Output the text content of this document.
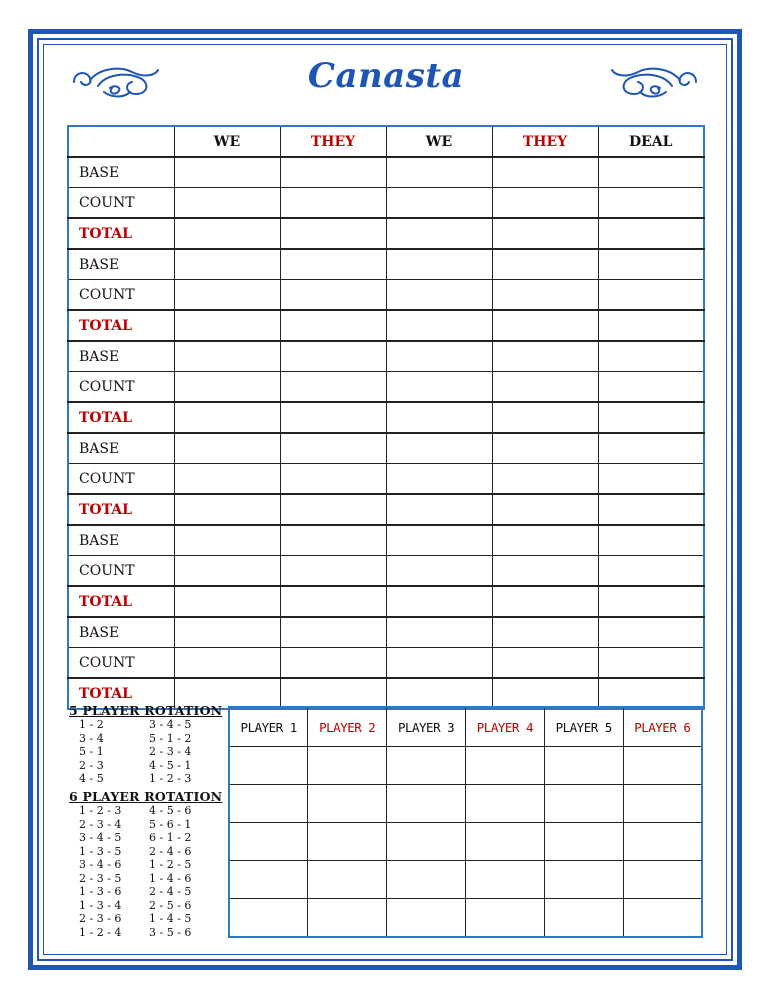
Canasta
	WE	THEY	WE	THEY	DEAL
BASE					
COUNT					
TOTAL					
BASE					
COUNT					
TOTAL					
BASE					
COUNT					
TOTAL					
BASE					
COUNT					
TOTAL					
BASE					
COUNT					
TOTAL					
BASE					
COUNT					
TOTAL					
5 PLAYER ROTATION
1 - 2	3 - 4 - 5
3 - 4	5 - 1 - 2
5 - 1	2 - 3 - 4
2 - 3	4 - 5 - 1
4 - 5	1 - 2 - 3
6 PLAYER ROTATION
1 - 2 - 3	4 - 5 - 6
2 - 3 - 4	5 - 6 - 1
3 - 4 - 5	6 - 1 - 2
1 - 3 - 5	2 - 4 - 6
3 - 4 - 6	1 - 2 - 5
2 - 3 - 5	1 - 4 - 6
1 - 3 - 6	2 - 4 - 5
1 - 3 - 4	2 - 5 - 6
2 - 3 - 6	1 - 4 - 5
1 - 2 - 4	3 - 5 - 6
PLAYER 1	PLAYER 2	PLAYER 3	PLAYER 4	PLAYER 5	PLAYER 6
